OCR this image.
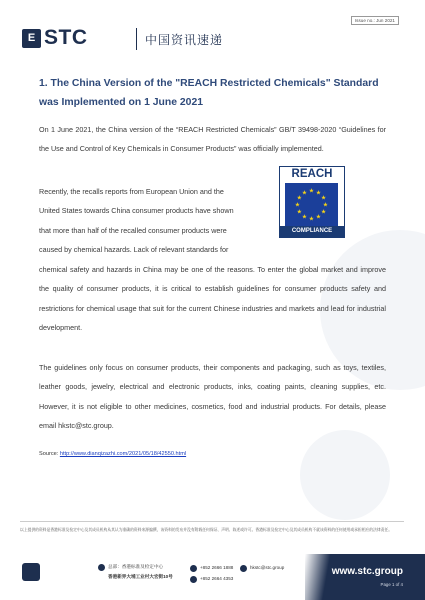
Issue no.: Jun 2021
E STC	中国资讯速递
1. The China Version of the "REACH Restricted Chemicals" Standard was Implemented on 1 June 2021
On 1 June 2021, the China version of the “REACH Restricted Chemicals” GB/T 39498-2020 “Guidelines for the Use and Control of Key Chemicals in Consumer Products” was officially implemented.
Recently, the recalls reports from European Union and the
United States towards China consumer products have shown
that more than half of the recalled consumer products were
caused by chemical hazards. Lack of relevant standards for
chemical safety and hazards in China may be one of the reasons. To enter the global market and improve the quality of consumer products, it is critical to establish guidelines for consumer products safety and restrictions for chemical usage that suit for the current Chinese industries and markets and lead for industrial development.
The guidelines only focus on consumer products, their components and packaging, such as toys, textiles, leather goods, jewelry, electrical and electronic products, inks, coating paints, cleaning supplies, etc. However, it is not eligible to other medicines, cosmetics, food and industrial products. For details, please email hkstc@stc.group.
Source: http://www.dianqizazhi.com/2021/05/18/42550.html
REACH
★ ★
★
★
★
★
★
★
★
★
★
★
COMPLIANCE
以上提供的资料是香港标准及检定中心及其成员机构从其认为准确的资料来源编撰，该资料的发布并没有附载任何保证、声明、陈述或许可。香港标准及检定中心及其成员机构不就该资料的任何使用或承担相应的法律责任。
总部：香港标准及检定中心
香港新界大埔工业村大宏街10号
+852 2666 1888
+852 2664 4353
hkstc@stc.group	www.stc.group
Page 1 of 4
